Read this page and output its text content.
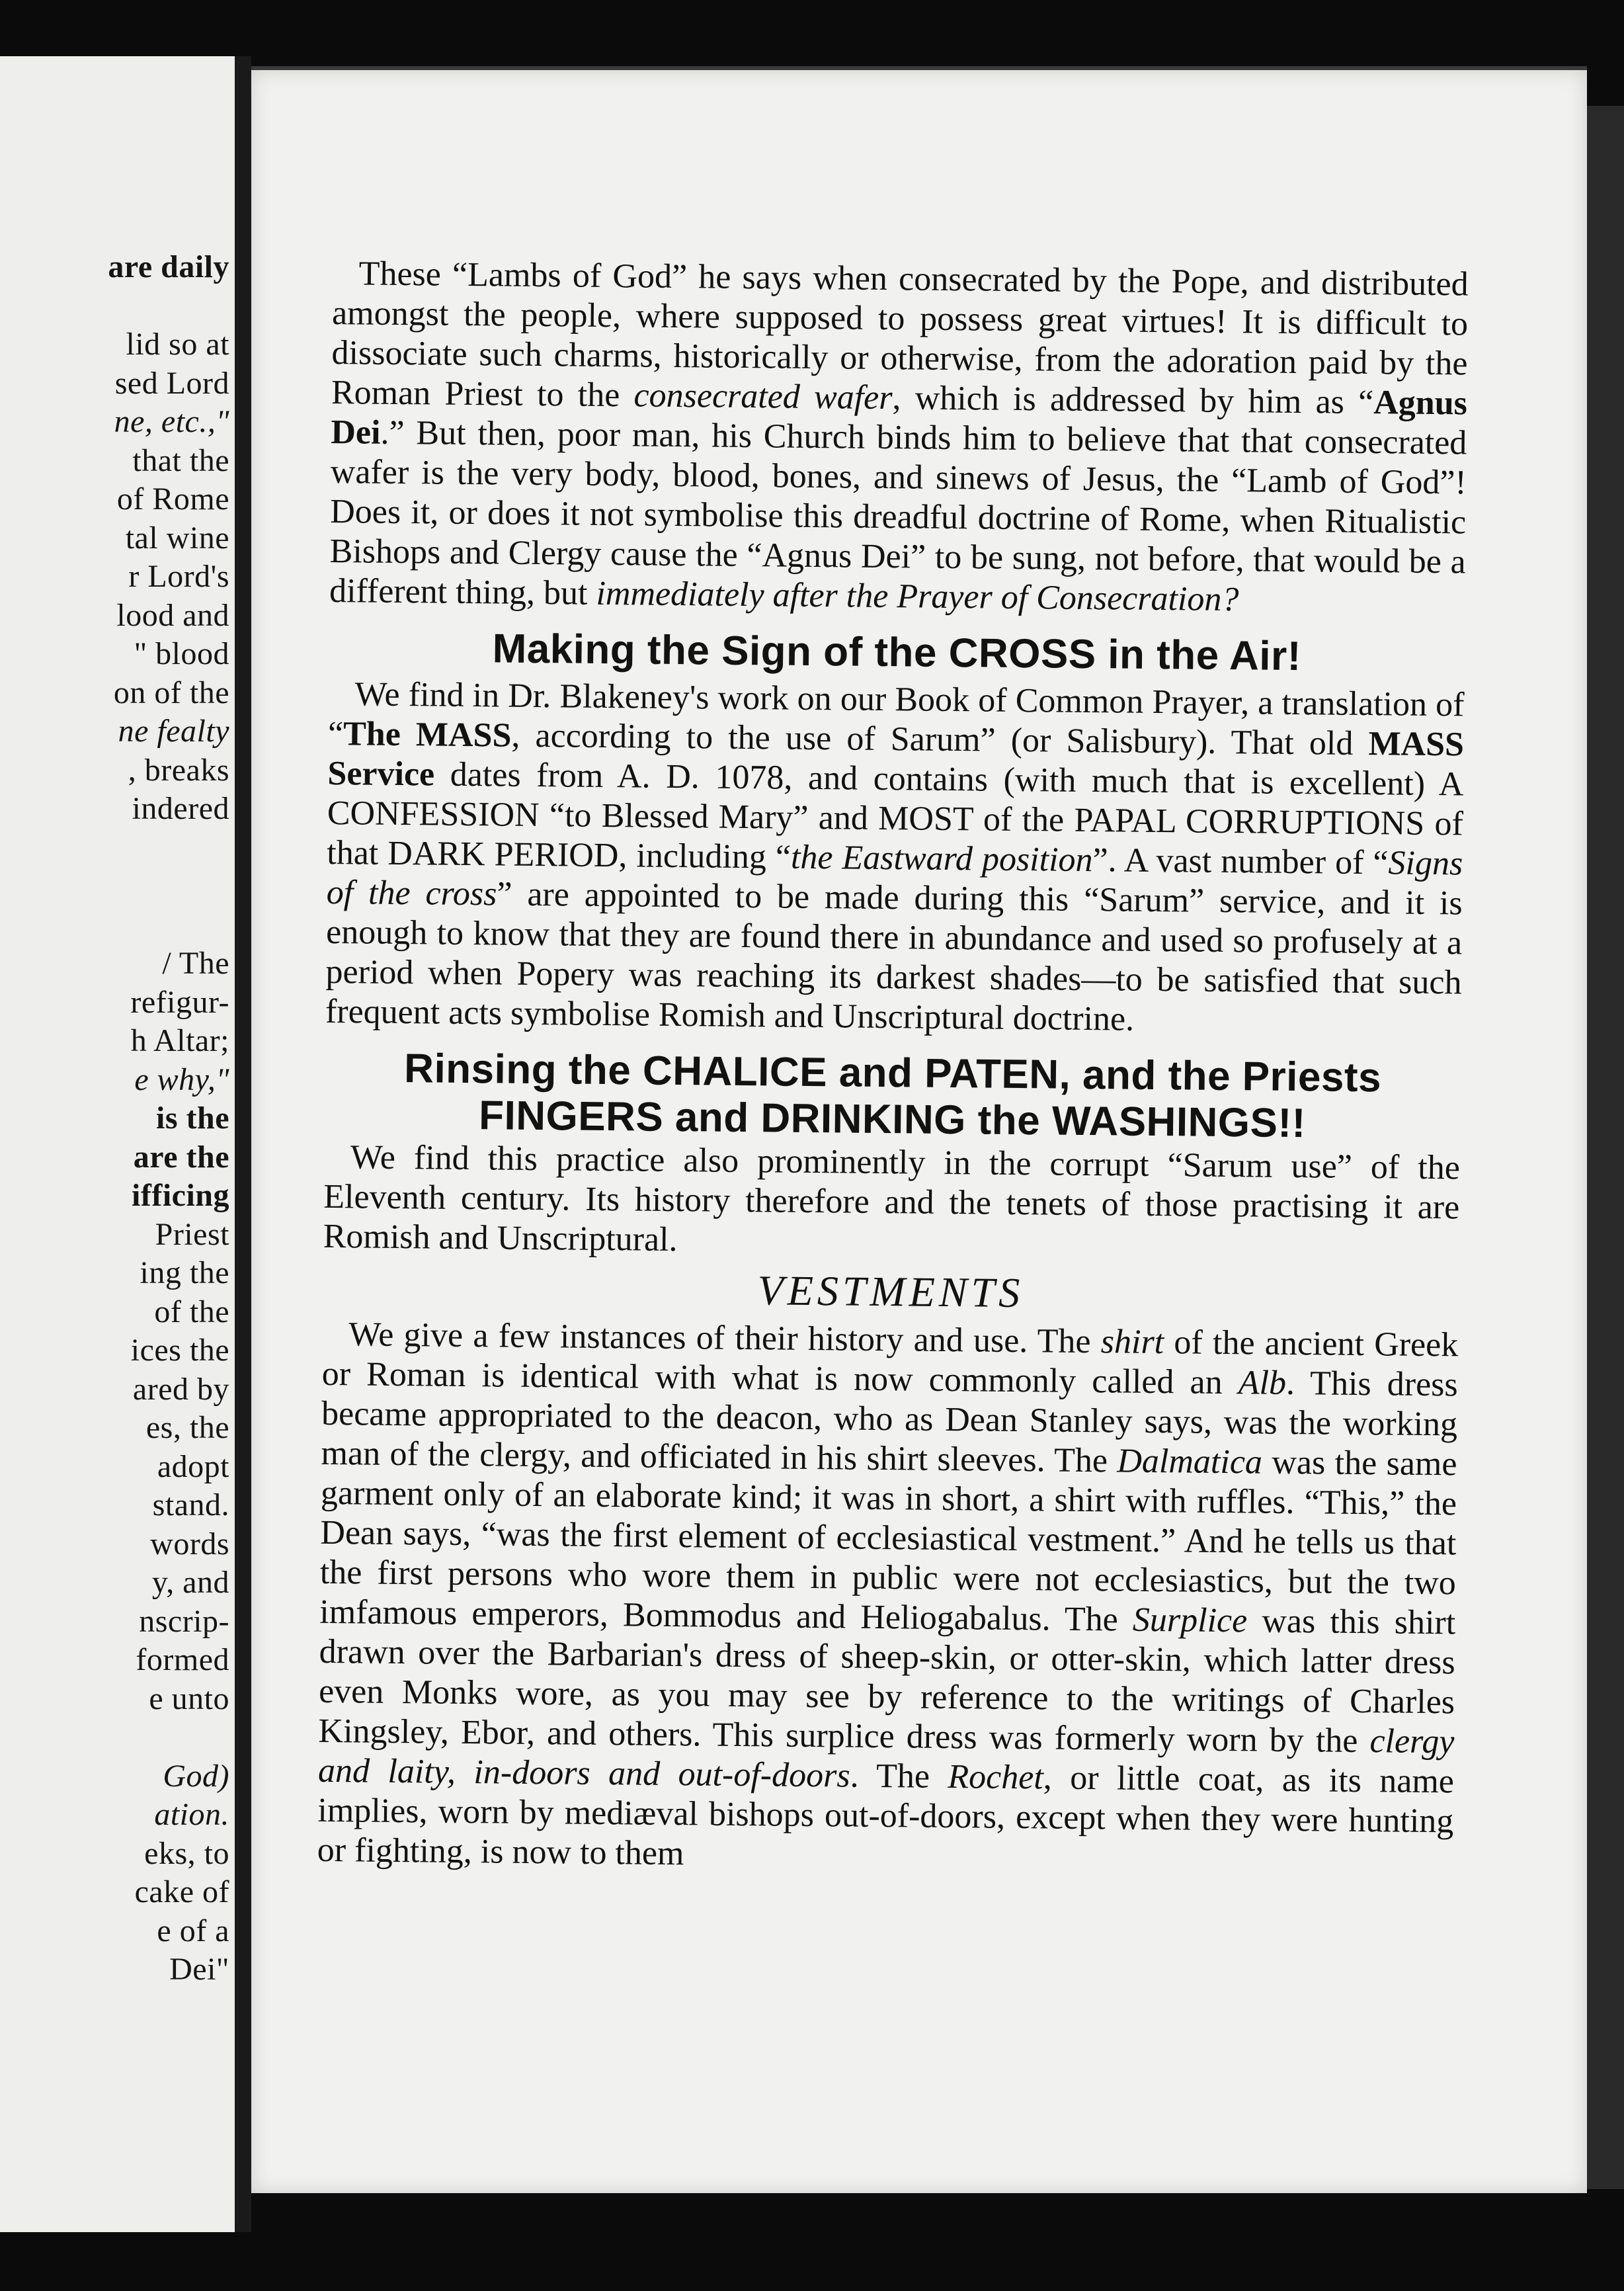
are daily
lid so at
sed Lord
ne, etc.,"
that the
of Rome
tal wine
r Lord's
lood and
" blood
on of the
ne fealty
, breaks
indered
/ The
refigur-
h Altar;
e why,"
is the
are the
ifficing
Priest
ing the
of the
ices the
ared by
es, the
adopt
stand.
words
y, and
nscrip-
formed
e unto
God)
ation.
eks, to
cake of
e of a
Dei"

These “Lambs of God” he says when consecrated by the Pope, and distributed amongst the people, where supposed to possess great virtues! It is difficult to dissociate such charms, historically or otherwise, from the adoration paid by the Roman Priest to the consecrated wafer, which is addressed by him as “Agnus Dei.” But then, poor man, his Church binds him to believe that that consecrated wafer is the very body, blood, bones, and sinews of Jesus, the “Lamb of God”! Does it, or does it not symbolise this dreadful doctrine of Rome, when Ritualistic Bishops and Clergy cause the “Agnus Dei” to be sung, not before, that would be a different thing, but immediately after the Prayer of Consecration?

Making the Sign of the CROSS in the Air!

We find in Dr. Blakeney's work on our Book of Common Prayer, a translation of “The MASS, according to the use of Sarum” (or Salisbury). That old MASS Service dates from A. D. 1078, and contains (with much that is excellent) A CONFESSION “to Blessed Mary” and MOST of the PAPAL CORRUPTIONS of that DARK PERIOD, including “the Eastward position”. A vast number of “Signs of the cross” are appointed to be made during this “Sarum” service, and it is enough to know that they are found there in abundance and used so profusely at a period when Popery was reaching its darkest shades—to be satisfied that such frequent acts symbolise Romish and Unscriptural doctrine.

Rinsing the CHALICE and PATEN, and the Priests
FINGERS and DRINKING the WASHINGS!!

We find this practice also prominently in the corrupt “Sarum use” of the Eleventh century. Its history therefore and the tenets of those practising it are Romish and Unscriptural.

VESTMENTS

We give a few instances of their history and use. The shirt of the ancient Greek or Roman is identical with what is now commonly called an Alb. This dress became appropriated to the deacon, who as Dean Stanley says, was the working man of the clergy, and officiated in his shirt sleeves. The Dalmatica was the same garment only of an elaborate kind; it was in short, a shirt with ruffles. “This,” the Dean says, “was the first element of ecclesiastical vestment.” And he tells us that the first persons who wore them in public were not ecclesiastics, but the two imfamous emperors, Bommodus and Heliogabalus. The Surplice was this shirt drawn over the Barbarian's dress of sheep-skin, or otter-skin, which latter dress even Monks wore, as you may see by reference to the writings of Charles Kingsley, Ebor, and others. This surplice dress was formerly worn by the clergy and laity, in-doors and out-of-doors. The Rochet, or little coat, as its name implies, worn by mediæval bishops out-of-doors, except when they were hunting or fighting, is now to them
